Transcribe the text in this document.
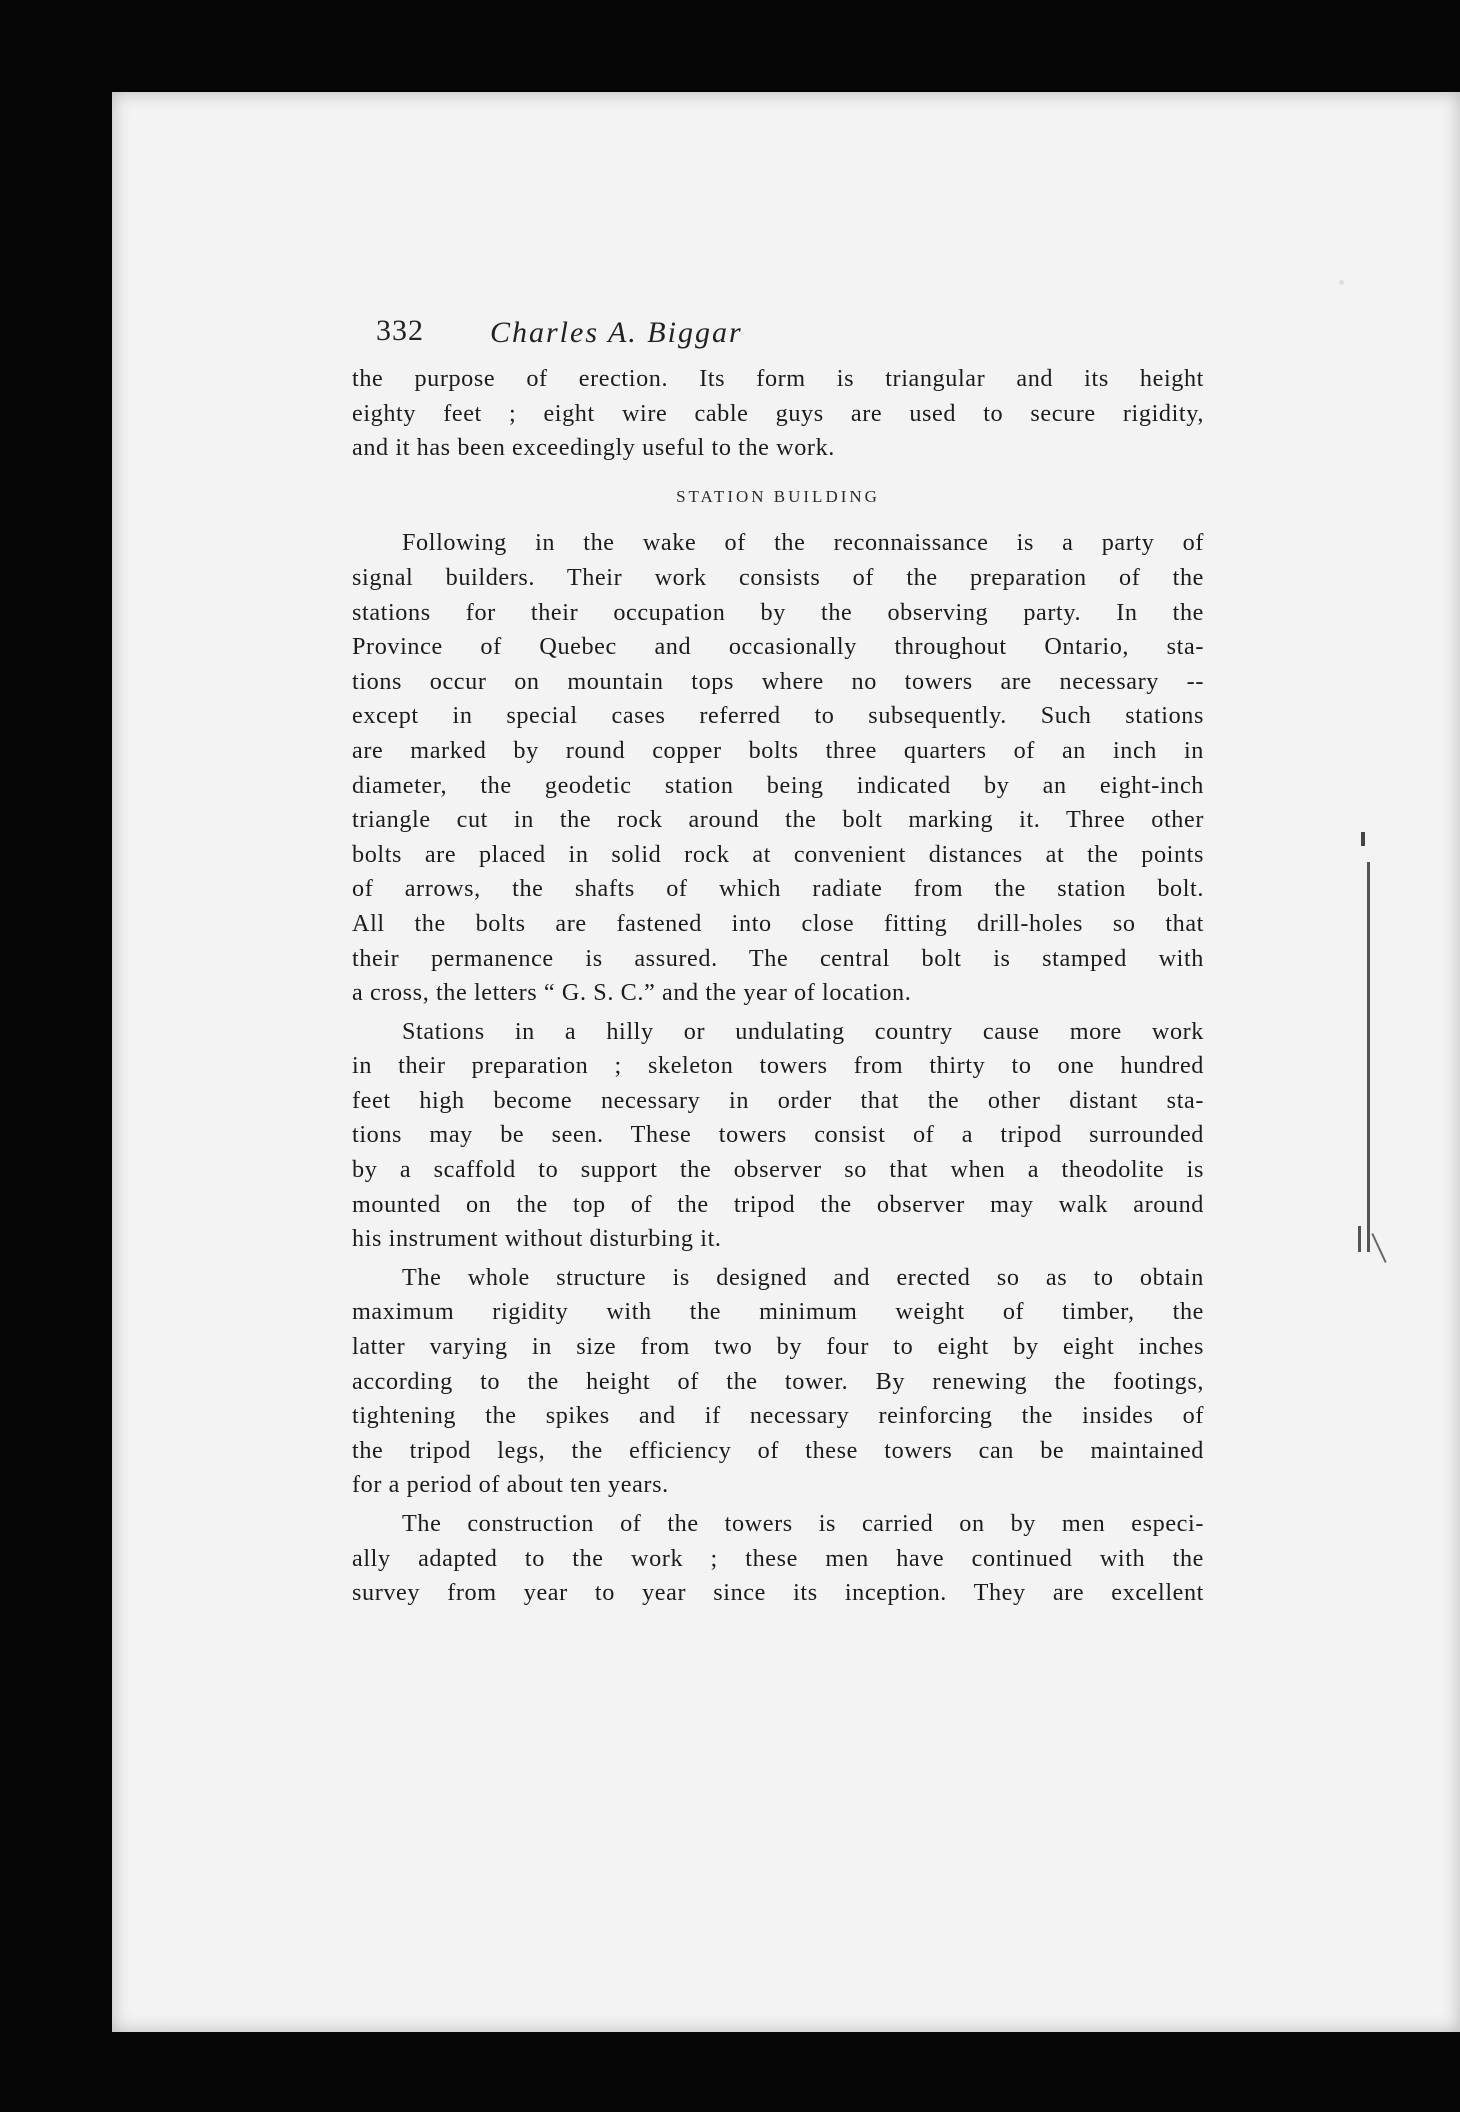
332 Charles A. Biggar
the purpose of erection. Its form is triangular and its height
eighty feet ; eight wire cable guys are used to secure rigidity,
and it has been exceedingly useful to the work.
STATION BUILDING
Following in the wake of the reconnaissance is a party of
signal builders. Their work consists of the preparation of the
stations for their occupation by the observing party. In the
Province of Quebec and occasionally throughout Ontario, sta-
tions occur on mountain tops where no towers are necessary --
except in special cases referred to subsequently. Such stations
are marked by round copper bolts three quarters of an inch in
diameter, the geodetic station being indicated by an eight-inch
triangle cut in the rock around the bolt marking it. Three other
bolts are placed in solid rock at convenient distances at the points
of arrows, the shafts of which radiate from the station bolt.
All the bolts are fastened into close fitting drill-holes so that
their permanence is assured. The central bolt is stamped with
a cross, the letters “ G. S. C.” and the year of location.
Stations in a hilly or undulating country cause more work
in their preparation ; skeleton towers from thirty to one hundred
feet high become necessary in order that the other distant sta-
tions may be seen. These towers consist of a tripod surrounded
by a scaffold to support the observer so that when a theodolite is
mounted on the top of the tripod the observer may walk around
his instrument without disturbing it.
The whole structure is designed and erected so as to obtain
maximum rigidity with the minimum weight of timber, the
latter varying in size from two by four to eight by eight inches
according to the height of the tower. By renewing the footings,
tightening the spikes and if necessary reinforcing the insides of
the tripod legs, the efficiency of these towers can be maintained
for a period of about ten years.
The construction of the towers is carried on by men especi-
ally adapted to the work ; these men have continued with the
survey from year to year since its inception. They are excellent
